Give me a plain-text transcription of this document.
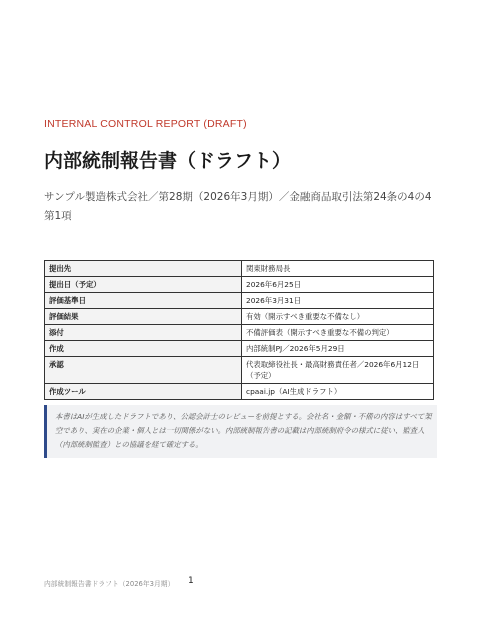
INTERNAL CONTROL REPORT (DRAFT)
内部統制報告書（ドラフト）
サンプル製造株式会社／第28期（2026年3月期）／金融商品取引法第24条の4の4第1項
提出先	関東財務局長
提出日（予定）	2026年6月25日
評価基準日	2026年3月31日
評価結果	有効（開示すべき重要な不備なし）
添付	不備評価表（開示すべき重要な不備の判定）
作成	内部統制PJ／2026年5月29日
承認	代表取締役社長・最高財務責任者／2026年6月12日（予定）
作成ツール	cpaai.jp（AI生成ドラフト）
本書はAIが生成したドラフトであり、公認会計士のレビューを前提とする。会社名・金額・不備の内容はすべて架空であり、実在の企業・個人とは一切関係がない。内部統制報告書の記載は内部統制府令の様式に従い、監査人（内部統制監査）との協議を経て確定する。
内部統制報告書ドラフト（2026年3月期） 1
